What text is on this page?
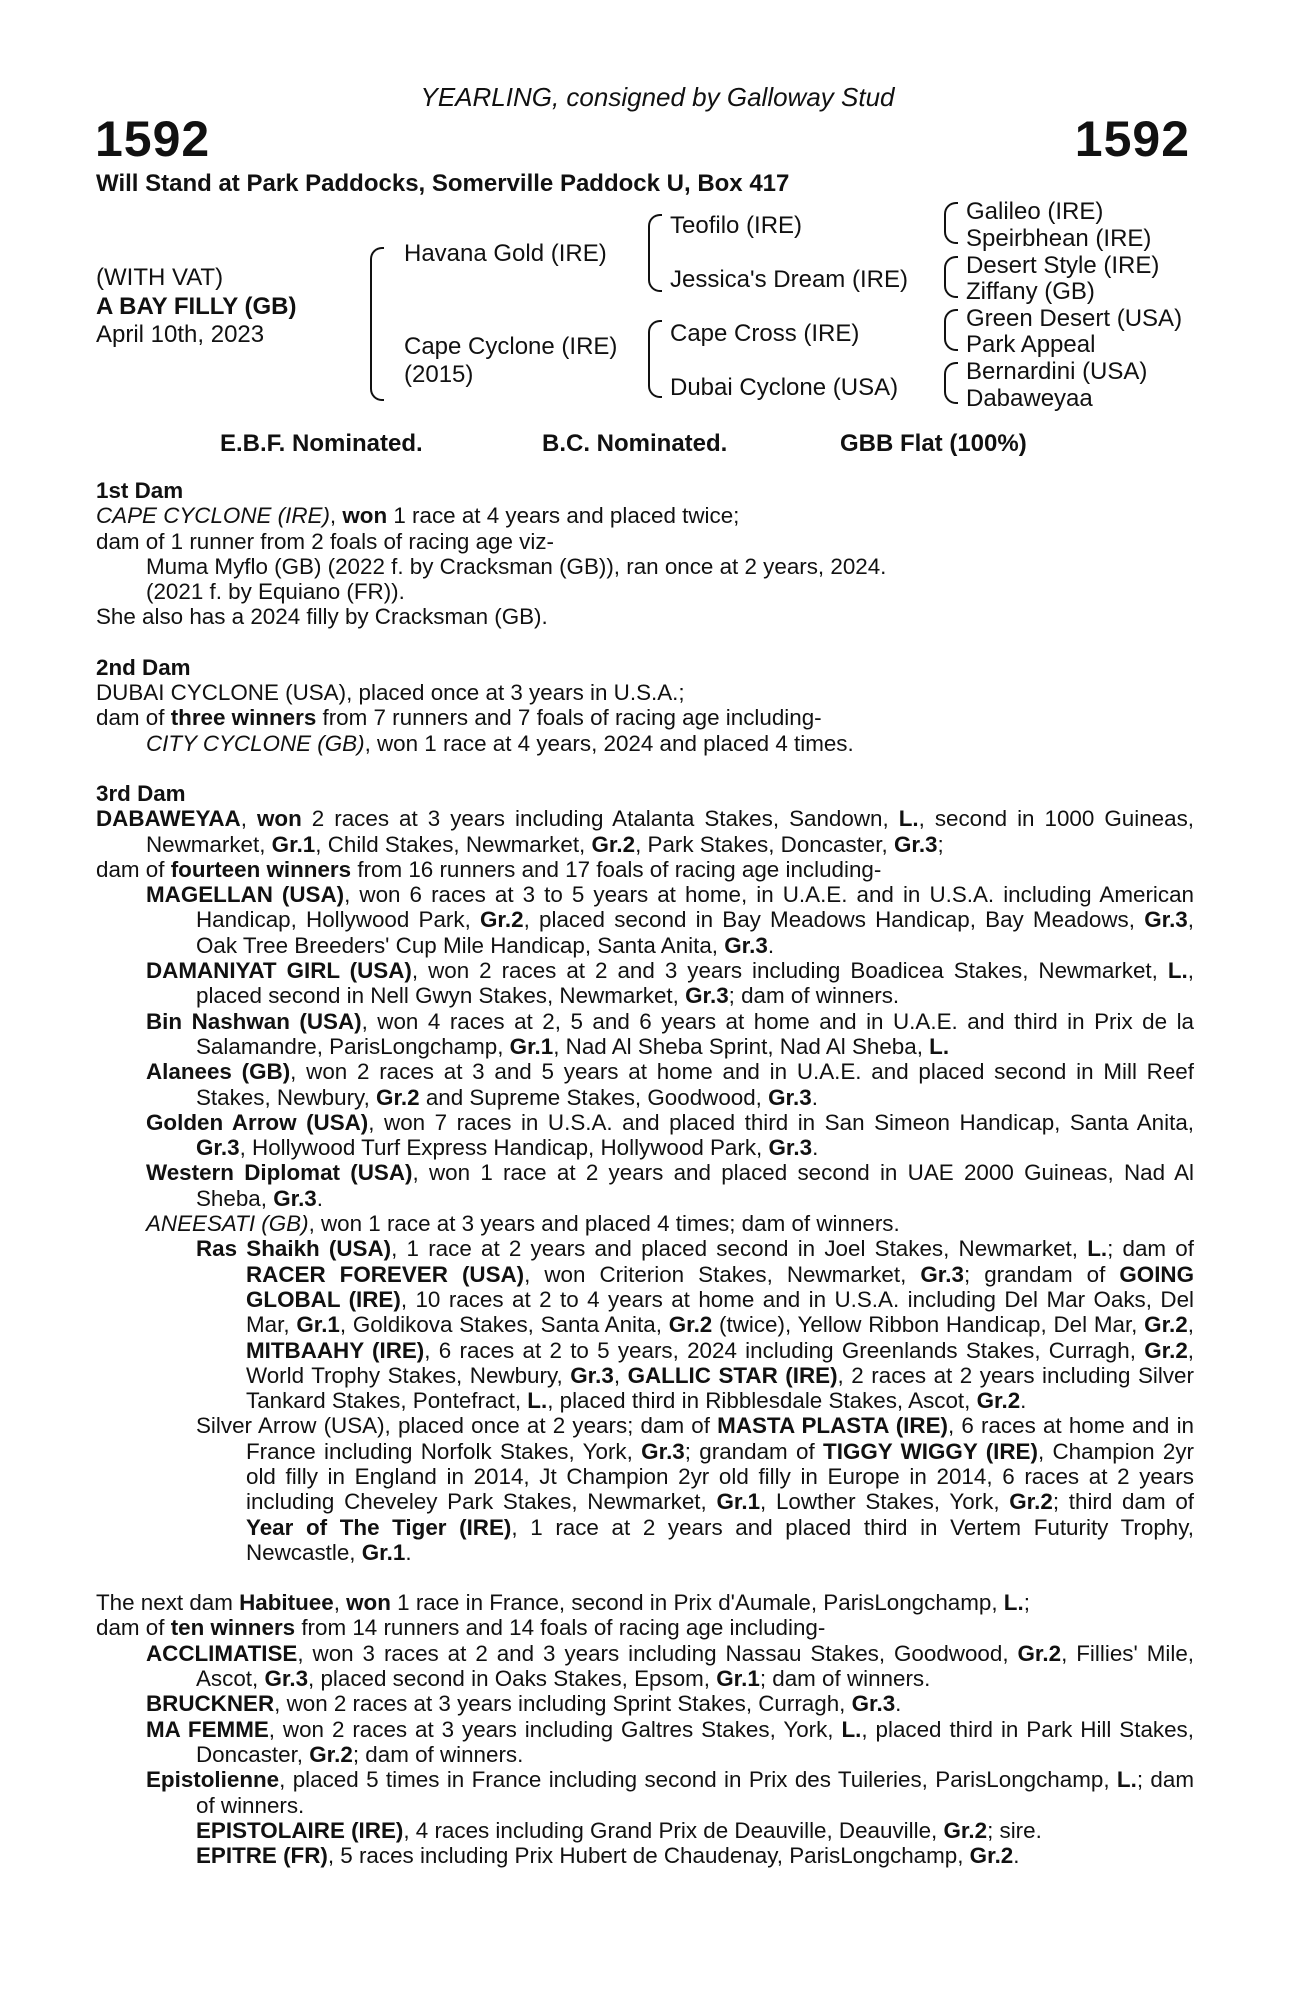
YEARLING, consigned by Galloway Stud
1592	1592
Will Stand at Park Paddocks, Somerville Paddock U, Box 417
(WITH VAT)
A BAY FILLY (GB)
April 10th, 2023
Havana Gold (IRE)
Cape Cyclone (IRE)
(2015)
Teofilo (IRE)
Jessica's Dream (IRE)
Cape Cross (IRE)
Dubai Cyclone (USA)
Galileo (IRE)
Speirbhean (IRE)
Desert Style (IRE)
Ziffany (GB)
Green Desert (USA)
Park Appeal
Bernardini (USA)
Dabaweyaa
E.B.F. Nominated.	B.C. Nominated.	GBB Flat (100%)
1st Dam
CAPE CYCLONE (IRE), won 1 race at 4 years and placed twice;
dam of 1 runner from 2 foals of racing age viz-
Muma Myflo (GB) (2022 f. by Cracksman (GB)), ran once at 2 years, 2024.
(2021 f. by Equiano (FR)).
She also has a 2024 filly by Cracksman (GB).
2nd Dam
DUBAI CYCLONE (USA), placed once at 3 years in U.S.A.;
dam of three winners from 7 runners and 7 foals of racing age including-
CITY CYCLONE (GB), won 1 race at 4 years, 2024 and placed 4 times.
3rd Dam
DABAWEYAA, won 2 races at 3 years including Atalanta Stakes, Sandown, L., second in 1000 Guineas, Newmarket, Gr.1, Child Stakes, Newmarket, Gr.2, Park Stakes, Doncaster, Gr.3;
dam of fourteen winners from 16 runners and 17 foals of racing age including-
MAGELLAN (USA), won 6 races at 3 to 5 years at home, in U.A.E. and in U.S.A. including American Handicap, Hollywood Park, Gr.2, placed second in Bay Meadows Handicap, Bay Meadows, Gr.3, Oak Tree Breeders' Cup Mile Handicap, Santa Anita, Gr.3.
DAMANIYAT GIRL (USA), won 2 races at 2 and 3 years including Boadicea Stakes, Newmarket, L., placed second in Nell Gwyn Stakes, Newmarket, Gr.3; dam of winners.
Bin Nashwan (USA), won 4 races at 2, 5 and 6 years at home and in U.A.E. and third in Prix de la Salamandre, ParisLongchamp, Gr.1, Nad Al Sheba Sprint, Nad Al Sheba, L.
Alanees (GB), won 2 races at 3 and 5 years at home and in U.A.E. and placed second in Mill Reef Stakes, Newbury, Gr.2 and Supreme Stakes, Goodwood, Gr.3.
Golden Arrow (USA), won 7 races in U.S.A. and placed third in San Simeon Handicap, Santa Anita, Gr.3, Hollywood Turf Express Handicap, Hollywood Park, Gr.3.
Western Diplomat (USA), won 1 race at 2 years and placed second in UAE 2000 Guineas, Nad Al Sheba, Gr.3.
ANEESATI (GB), won 1 race at 3 years and placed 4 times; dam of winners.
Ras Shaikh (USA), 1 race at 2 years and placed second in Joel Stakes, Newmarket, L.; dam of RACER FOREVER (USA), won Criterion Stakes, Newmarket, Gr.3; grandam of GOING GLOBAL (IRE), 10 races at 2 to 4 years at home and in U.S.A. including Del Mar Oaks, Del Mar, Gr.1, Goldikova Stakes, Santa Anita, Gr.2 (twice), Yellow Ribbon Handicap, Del Mar, Gr.2, MITBAAHY (IRE), 6 races at 2 to 5 years, 2024 including Greenlands Stakes, Curragh, Gr.2, World Trophy Stakes, Newbury, Gr.3, GALLIC STAR (IRE), 2 races at 2 years including Silver Tankard Stakes, Pontefract, L., placed third in Ribblesdale Stakes, Ascot, Gr.2.
Silver Arrow (USA), placed once at 2 years; dam of MASTA PLASTA (IRE), 6 races at home and in France including Norfolk Stakes, York, Gr.3; grandam of TIGGY WIGGY (IRE), Champion 2yr old filly in England in 2014, Jt Champion 2yr old filly in Europe in 2014, 6 races at 2 years including Cheveley Park Stakes, Newmarket, Gr.1, Lowther Stakes, York, Gr.2; third dam of Year of The Tiger (IRE), 1 race at 2 years and placed third in Vertem Futurity Trophy, Newcastle, Gr.1.
The next dam Habituee, won 1 race in France, second in Prix d'Aumale, ParisLongchamp, L.;
dam of ten winners from 14 runners and 14 foals of racing age including-
ACCLIMATISE, won 3 races at 2 and 3 years including Nassau Stakes, Goodwood, Gr.2, Fillies' Mile, Ascot, Gr.3, placed second in Oaks Stakes, Epsom, Gr.1; dam of winners.
BRUCKNER, won 2 races at 3 years including Sprint Stakes, Curragh, Gr.3.
MA FEMME, won 2 races at 3 years including Galtres Stakes, York, L., placed third in Park Hill Stakes, Doncaster, Gr.2; dam of winners.
Epistolienne, placed 5 times in France including second in Prix des Tuileries, ParisLongchamp, L.; dam of winners.
EPISTOLAIRE (IRE), 4 races including Grand Prix de Deauville, Deauville, Gr.2; sire.
EPITRE (FR), 5 races including Prix Hubert de Chaudenay, ParisLongchamp, Gr.2.
